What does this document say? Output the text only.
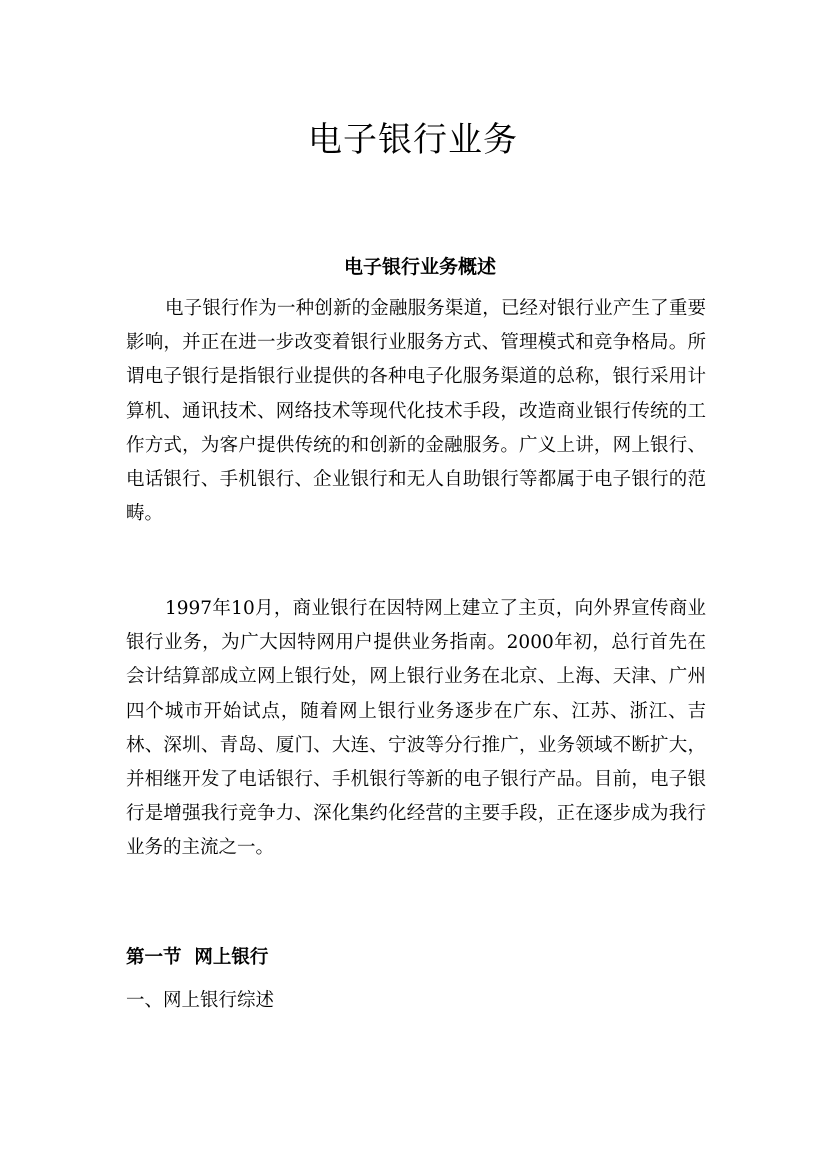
电子银行业务
电子银行业务概述

电子银行作为一种创新的金融服务渠道，已经对银行业产生了重要影响，并正在进一步改变着银行业服务方式、管理模式和竞争格局。所谓电子银行是指银行业提供的各种电子化服务渠道的总称，银行采用计算机、通讯技术、网络技术等现代化技术手段，改造商业银行传统的工作方式，为客户提供传统的和创新的金融服务。广义上讲，网上银行、电话银行、手机银行、企业银行和无人自助银行等都属于电子银行的范畴。

1997年10月，商业银行在因特网上建立了主页，向外界宣传商业银行业务，为广大因特网用户提供业务指南。2000年初，总行首先在会计结算部成立网上银行处，网上银行业务在北京、上海、天津、广州四个城市开始试点，随着网上银行业务逐步在广东、江苏、浙江、吉林、深圳、青岛、厦门、大连、宁波等分行推广，业务领域不断扩大，并相继开发了电话银行、手机银行等新的电子银行产品。目前，电子银行是增强我行竞争力、深化集约化经营的主要手段，正在逐步成为我行业务的主流之一。

第一节  网上银行
一、网上银行综述
